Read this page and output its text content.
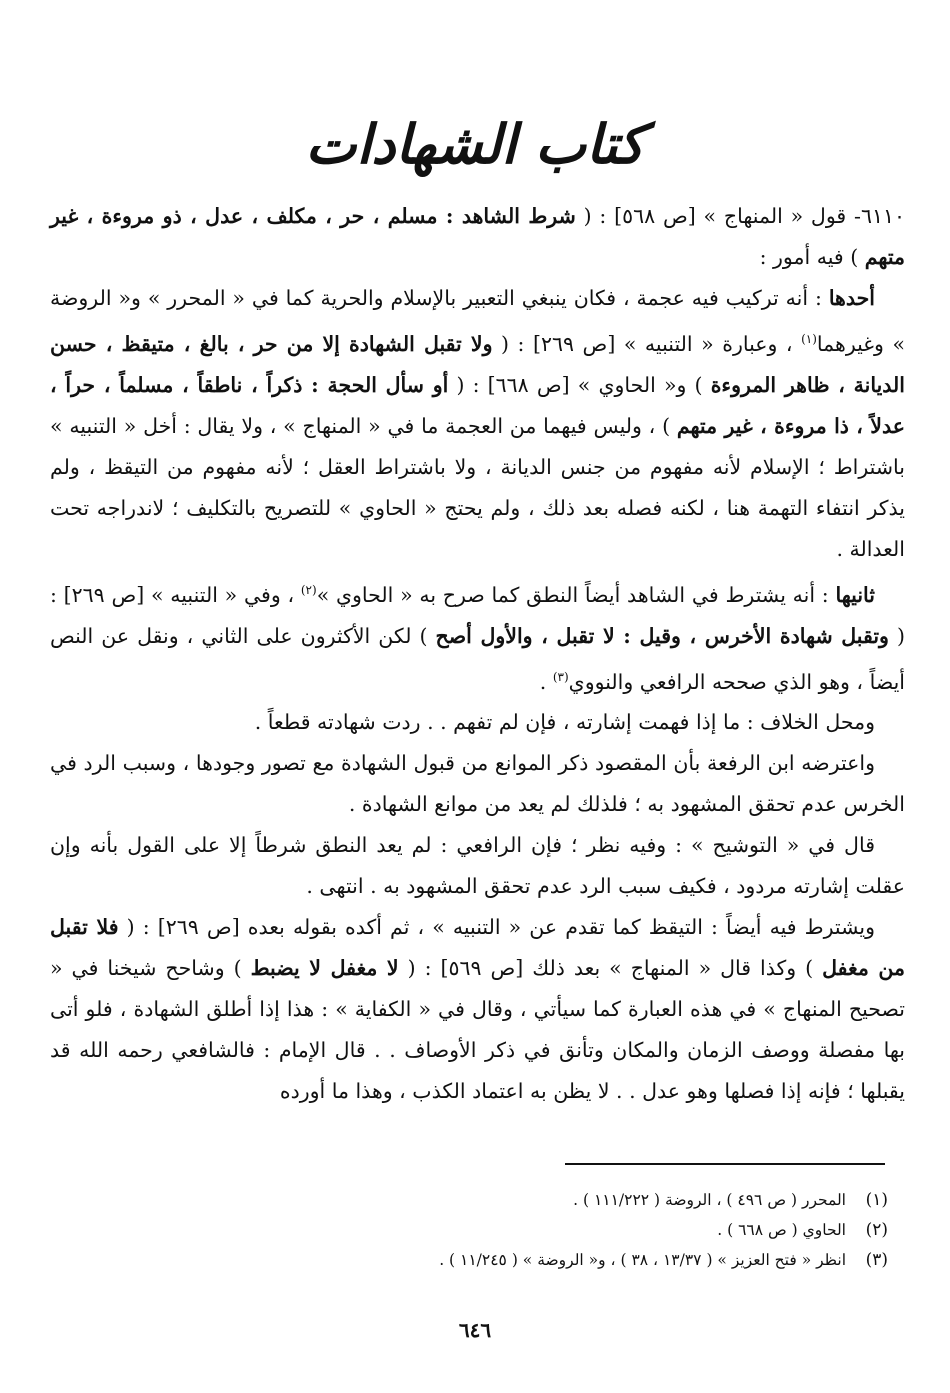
كتاب الشهادات

٦١١٠- قول « المنهاج » [ص ٥٦٨] : ( شرط الشاهد : مسلم ، حر ، مكلف ، عدل ، ذو مروءة ، غير متهم ) فيه أمور :

أحدها : أنه تركيب فيه عجمة ، فكان ينبغي التعبير بالإسلام والحرية كما في « المحرر » و« الروضة » وغيرهما$^{(١)}$ ، وعبارة « التنبيه » [ص ٢٦٩] : ( ولا تقبل الشهادة إلا من حر ، بالغ ، متيقظ ، حسن الديانة ، ظاهر المروءة ) و« الحاوي » [ص ٦٦٨] : ( أو سأل الحجة : ذكراً ، ناطقاً ، مسلماً ، حراً ، عدلاً ، ذا مروءة ، غير متهم ) ، وليس فيهما من العجمة ما في « المنهاج » ، ولا يقال : أخل « التنبيه » باشتراط ؛ الإسلام لأنه مفهوم من جنس الديانة ، ولا باشتراط العقل ؛ لأنه مفهوم من التيقظ ، ولم يذكر انتفاء التهمة هنا ، لكنه فصله بعد ذلك ، ولم يحتج « الحاوي » للتصريح بالتكليف ؛ لاندراجه تحت العدالة .

ثانيها : أنه يشترط في الشاهد أيضاً النطق كما صرح به « الحاوي »$^{(٢)}$ ، وفي « التنبيه » [ص ٢٦٩] : ( وتقبل شهادة الأخرس ، وقيل : لا تقبل ، والأول أصح ) لكن الأكثرون على الثاني ، ونقل عن النص أيضاً ، وهو الذي صححه الرافعي والنووي$^{(٣)}$ .

ومحل الخلاف : ما إذا فهمت إشارته ، فإن لم تفهم . . ردت شهادته قطعاً .

واعترضه ابن الرفعة بأن المقصود ذكر الموانع من قبول الشهادة مع تصور وجودها ، وسبب الرد في الخرس عدم تحقق المشهود به ؛ فلذلك لم يعد من موانع الشهادة .

قال في « التوشيح » : وفيه نظر ؛ فإن الرافعي : لم يعد النطق شرطاً إلا على القول بأنه وإن عقلت إشارته مردود ، فكيف سبب الرد عدم تحقق المشهود به . انتهى .

ويشترط فيه أيضاً : التيقظ كما تقدم عن « التنبيه » ، ثم أكده بقوله بعده [ص ٢٦٩] : ( فلا تقبل من مغفل ) وكذا قال « المنهاج » بعد ذلك [ص ٥٦٩] : ( لا مغفل لا يضبط ) وشاحح شيخنا في « تصحيح المنهاج » في هذه العبارة كما سيأتي ، وقال في « الكفاية » : هذا إذا أطلق الشهادة ، فلو أتى بها مفصلة ووصف الزمان والمكان وتأنق في ذكر الأوصاف . . قال الإمام : فالشافعي رحمه الله قد يقبلها ؛ فإنه إذا فصلها وهو عدل . . لا يظن به اعتماد الكذب ، وهذا ما أورده

(١)
المحرر ( ص ٤٩٦ ) ، الروضة ( ١١١/٢٢٢ ) .
(٢)
الحاوي ( ص ٦٦٨ ) .
(٣)
انظر « فتح العزيز » ( ١٣/٣٧ ، ٣٨ ) ، و« الروضة » ( ١١/٢٤٥ ) .
٦٤٦
